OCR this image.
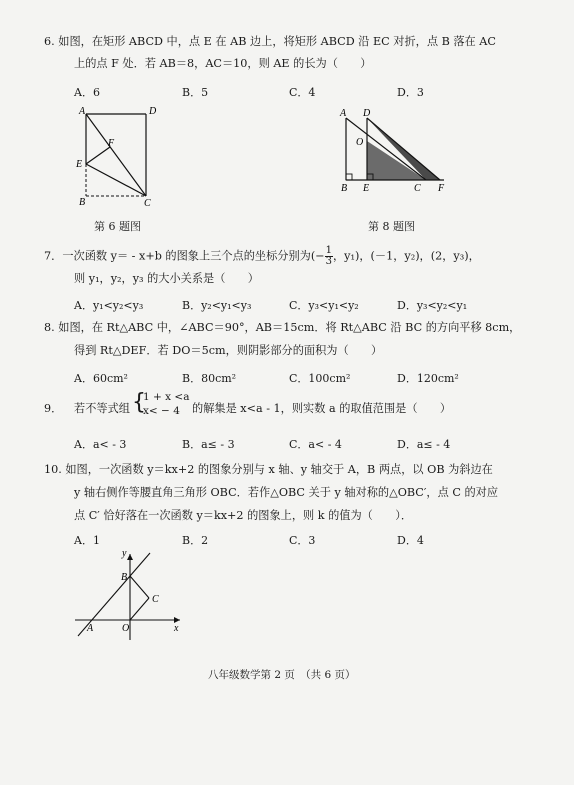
6. 如图，在矩形 ABCD 中，点 E 在 AB 边上，将矩形 ABCD 沿 EC 对折，点 B 落在 AC
上的点 F 处．若 AB＝8，AC＝10，则 AE 的长为（　　）
A．6	B．5	C．4	D．3
A	D
F
E
B	C
第 6 题图
A D
O
B E	C F
第 8 题图
7．一次函数 y＝ - x+b 的图象上三个点的坐标分别为(− $\frac{1}{3}$ ，y₁)，(－1，y₂)，(2，y₃)，
则 y₁，y₂，y₃ 的大小关系是（　　）
A．y₁<y₂<y₃	B．y₂<y₁<y₃	C．y₃<y₁<y₂	D．y₃<y₂<y₁
8. 如图，在 Rt△ABC 中，∠ABC＝90°，AB＝15cm．将 Rt△ABC 沿 BC 的方向平移 8cm，
得到 Rt△DEF．若 DO＝5cm，则阴影部分的面积为（　　）
A．60cm²	B．80cm²	C．100cm²	D．120cm²
9． 若不等式组 {
1 + x <a
x< − 4 的解集是 x<a - 1，则实数 a 的取值范围是（　　）
A．a< - 3	B．a≤ - 3	C．a< - 4	D．a≤ - 4
10. 如图，一次函数 y＝kx+2 的图象分别与 x 轴、y 轴交于 A，B 两点，以 OB 为斜边在
y 轴右侧作等腰直角三角形 OBC．若作△OBC 关于 y 轴对称的△OBC′，点 C 的对应
点 C′ 恰好落在一次函数 y＝kx+2 的图象上，则 k 的值为（　　）．
A．1	B．2	C．3	D．4
y
B
C
A	O	x
八年级数学第 2 页　（共 6 页）
